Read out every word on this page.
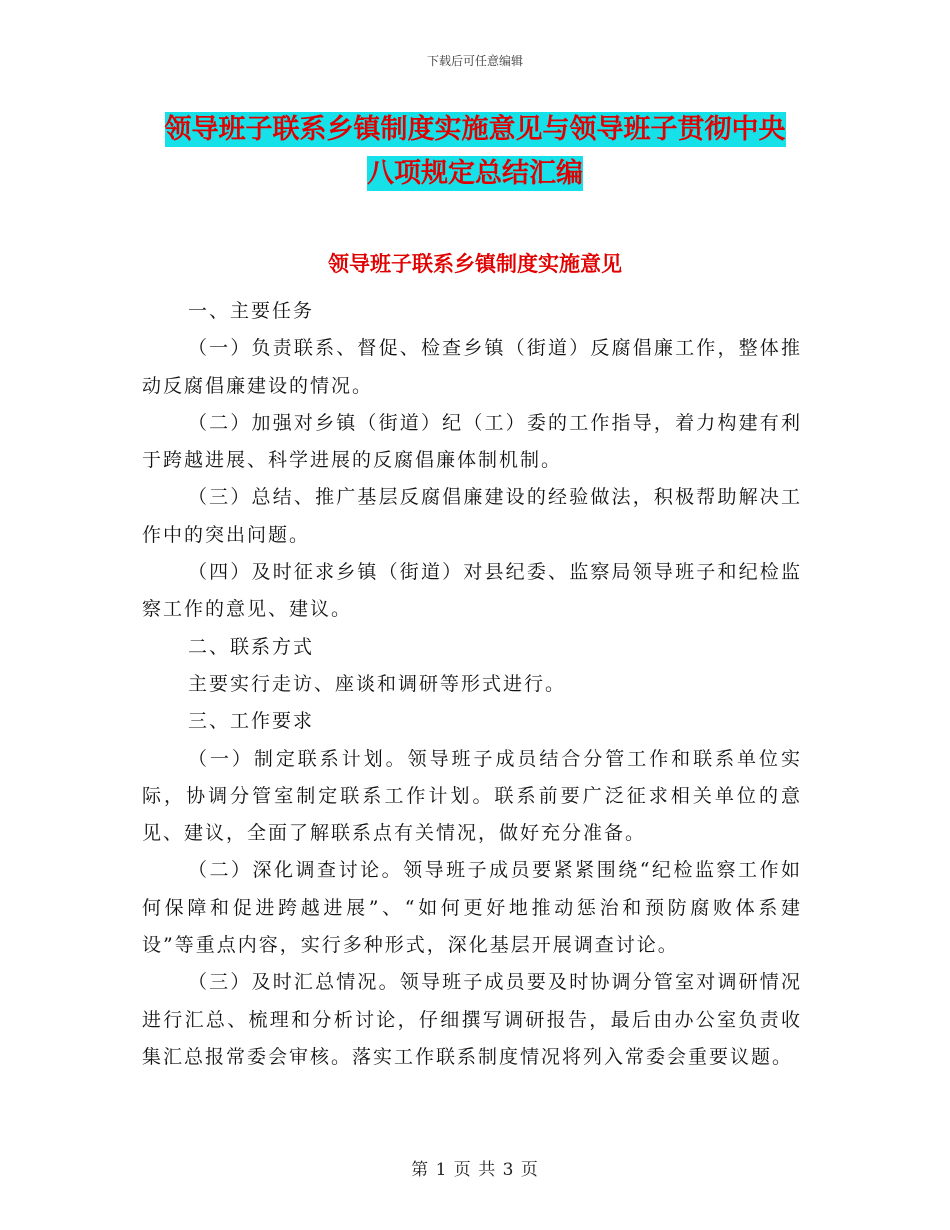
下载后可任意编辑
领导班子联系乡镇制度实施意见与领导班子贯彻中央
八项规定总结汇编
领导班子联系乡镇制度实施意见

一、主要任务

（一）负责联系、督促、检查乡镇（街道）反腐倡廉工作，整体推动反腐倡廉建设的情况。

（二）加强对乡镇（街道）纪（工）委的工作指导，着力构建有利于跨越进展、科学进展的反腐倡廉体制机制。

（三）总结、推广基层反腐倡廉建设的经验做法，积极帮助解决工作中的突出问题。

（四）及时征求乡镇（街道）对县纪委、监察局领导班子和纪检监察工作的意见、建议。

二、联系方式

主要实行走访、座谈和调研等形式进行。

三、工作要求

（一）制定联系计划。领导班子成员结合分管工作和联系单位实际，协调分管室制定联系工作计划。联系前要广泛征求相关单位的意见、建议，全面了解联系点有关情况，做好充分准备。

（二）深化调查讨论。领导班子成员要紧紧围绕“纪检监察工作如何保障和促进跨越进展”、“如何更好地推动惩治和预防腐败体系建设”等重点内容，实行多种形式，深化基层开展调查讨论。

（三）及时汇总情况。领导班子成员要及时协调分管室对调研情况进行汇总、梳理和分析讨论，仔细撰写调研报告，最后由办公室负责收集汇总报常委会审核。落实工作联系制度情况将列入常委会重要议题。

第 1 页 共 3 页
